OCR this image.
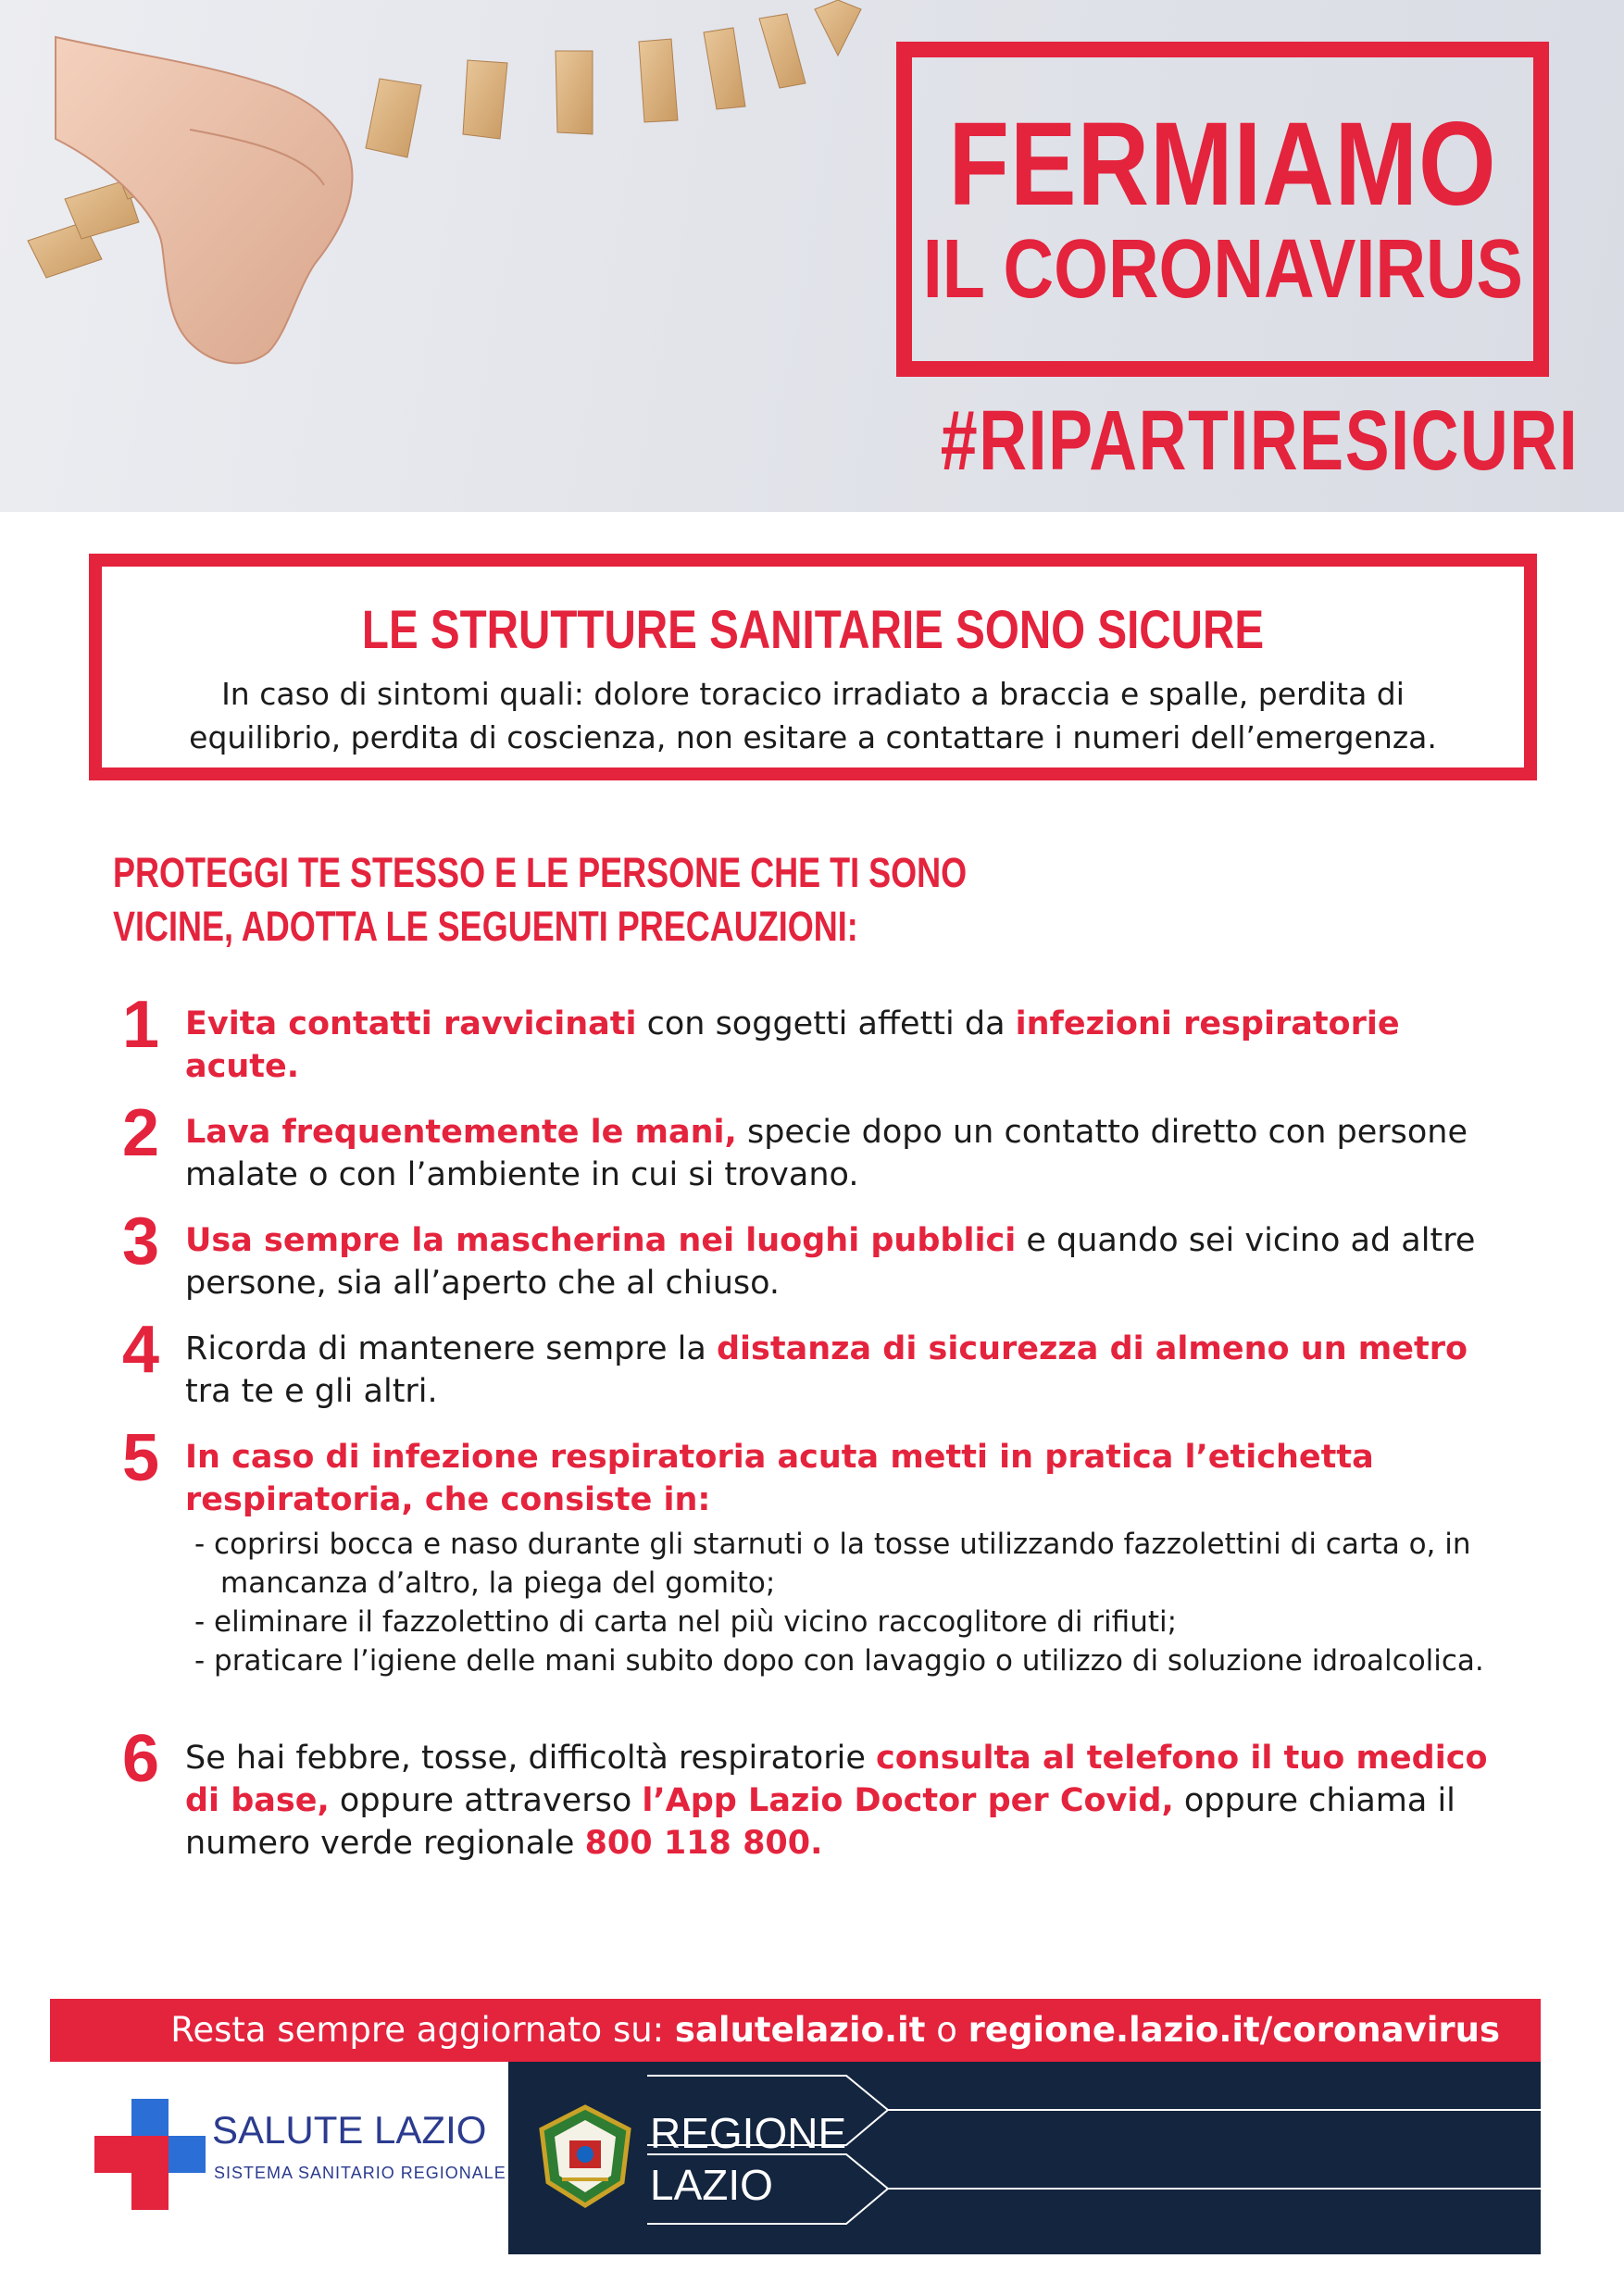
FERMIAMO
IL CORONAVIRUS
#RIPARTIRESICURI
LE STRUTTURE SANITARIE SONO SICURE
In caso di sintomi quali: dolore toracico irradiato a braccia e spalle, perdita di equilibrio, perdita di coscienza, non esitare a contattare i numeri dell’emergenza.
PROTEGGI TE STESSO E LE PERSONE CHE TI SONO VICINE, ADOTTA LE SEGUENTI PRECAUZIONI:
1 Evita contatti ravvicinati con soggetti affetti da infezioni respiratorie acute.
2 Lava frequentemente le mani, specie dopo un contatto diretto con persone malate o con l’ambiente in cui si trovano.
3 Usa sempre la mascherina nei luoghi pubblici e quando sei vicino ad altre persone, sia all’aperto che al chiuso.
4 Ricorda di mantenere sempre la distanza di sicurezza di almeno un metro tra te e gli altri.
5 In caso di infezione respiratoria acuta metti in pratica l’etichetta respiratoria, che consiste in:
- coprirsi bocca e naso durante gli starnuti o la tosse utilizzando fazzolettini di carta o, in mancanza d’altro, la piega del gomito;
- eliminare il fazzolettino di carta nel più vicino raccoglitore di rifiuti;
- praticare l’igiene delle mani subito dopo con lavaggio o utilizzo di soluzione idroalcolica.
6 Se hai febbre, tosse, difficoltà respiratorie consulta al telefono il tuo medico di base, oppure attraverso l’App Lazio Doctor per Covid, oppure chiama il numero verde regionale 800 118 800.
Resta sempre aggiornato su: salutelazio.it o regione.lazio.it/coronavirus
SALUTE LAZIO
SISTEMA SANITARIO REGIONALE
REGIONE
LAZIO
